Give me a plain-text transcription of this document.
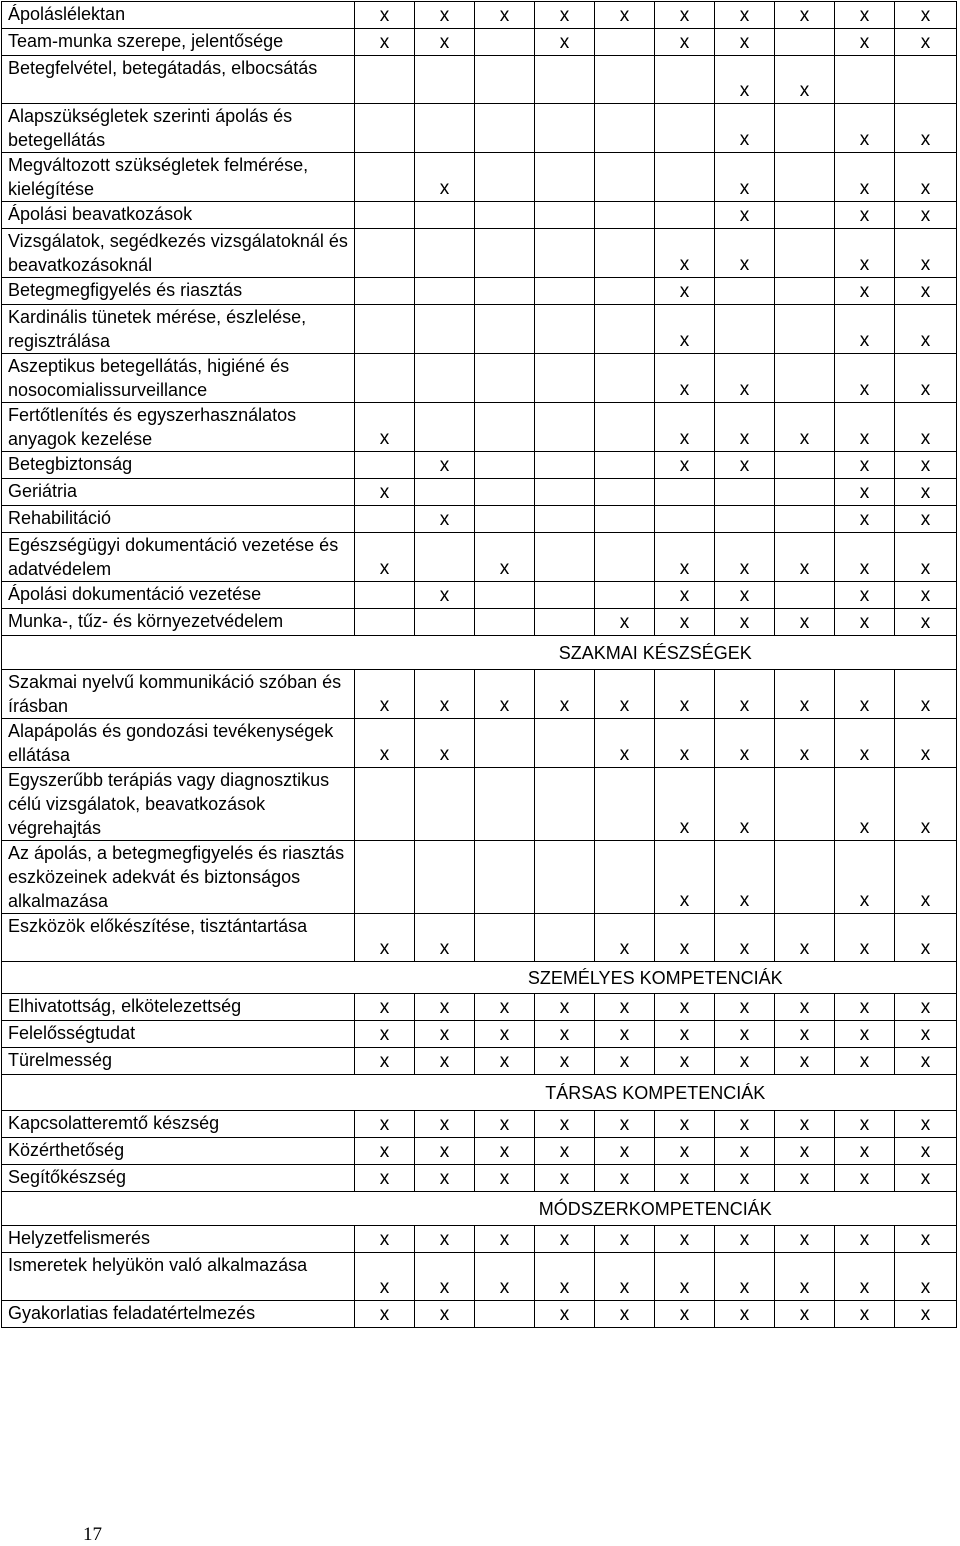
Ápoláslélektan	x	x	x	x	x	x	x	x	x	x
Team-munka szerepe, jelentősége	x	x		x		x	x		x	x
Betegfelvétel, betegátadás, elbocsátás							x	x		
Alapszükségletek szerinti ápolás és betegellátás							x		x	x
Megváltozott szükségletek felmérése, kielégítése		x					x		x	x
Ápolási beavatkozások							x		x	x
Vizsgálatok, segédkezés vizsgálatoknál és beavatkozásoknál						x	x		x	x
Betegmegfigyelés és riasztás						x			x	x
Kardinális tünetek mérése, észlelése, regisztrálása						x			x	x
Aszeptikus betegellátás, higiéné és nosocomialissurveillance						x	x		x	x
Fertőtlenítés és egyszerhasználatos anyagok kezelése	x					x	x	x	x	x
Betegbiztonság		x				x	x		x	x
Geriátria	x								x	x
Rehabilitáció		x							x	x
Egészségügyi dokumentáció vezetése és adatvédelem	x		x			x	x	x	x	x
Ápolási dokumentáció vezetése		x				x	x		x	x
Munka-, tűz- és környezetvédelem					x	x	x	x	x	x
	SZAKMAI KÉSZSÉGEK									
Szakmai nyelvű kommunikáció szóban és írásban	x	x	x	x	x	x	x	x	x	x
Alapápolás és gondozási tevékenységek ellátása	x	x			x	x	x	x	x	x
Egyszerűbb terápiás vagy diagnosztikus célú vizsgálatok, beavatkozások végrehajtás						x	x		x	x
Az ápolás, a betegmegfigyelés és riasztás eszközeinek adekvát és biztonságos alkalmazása						x	x		x	x
Eszközök előkészítése, tisztántartása	x	x			x	x	x	x	x	x
	SZEMÉLYES KOMPETENCIÁK									
Elhivatottság, elkötelezettség	x	x	x	x	x	x	x	x	x	x
Felelősségtudat	x	x	x	x	x	x	x	x	x	x
Türelmesség	x	x	x	x	x	x	x	x	x	x
	TÁRSAS KOMPETENCIÁK									
Kapcsolatteremtő készség	x	x	x	x	x	x	x	x	x	x
Közérthetőség	x	x	x	x	x	x	x	x	x	x
Segítőkészség	x	x	x	x	x	x	x	x	x	x
	MÓDSZERKOMPETENCIÁK									
Helyzetfelismerés	x	x	x	x	x	x	x	x	x	x
Ismeretek helyükön való alkalmazása	x	x	x	x	x	x	x	x	x	x
Gyakorlatias feladatértelmezés	x	x		x	x	x	x	x	x	x
17
